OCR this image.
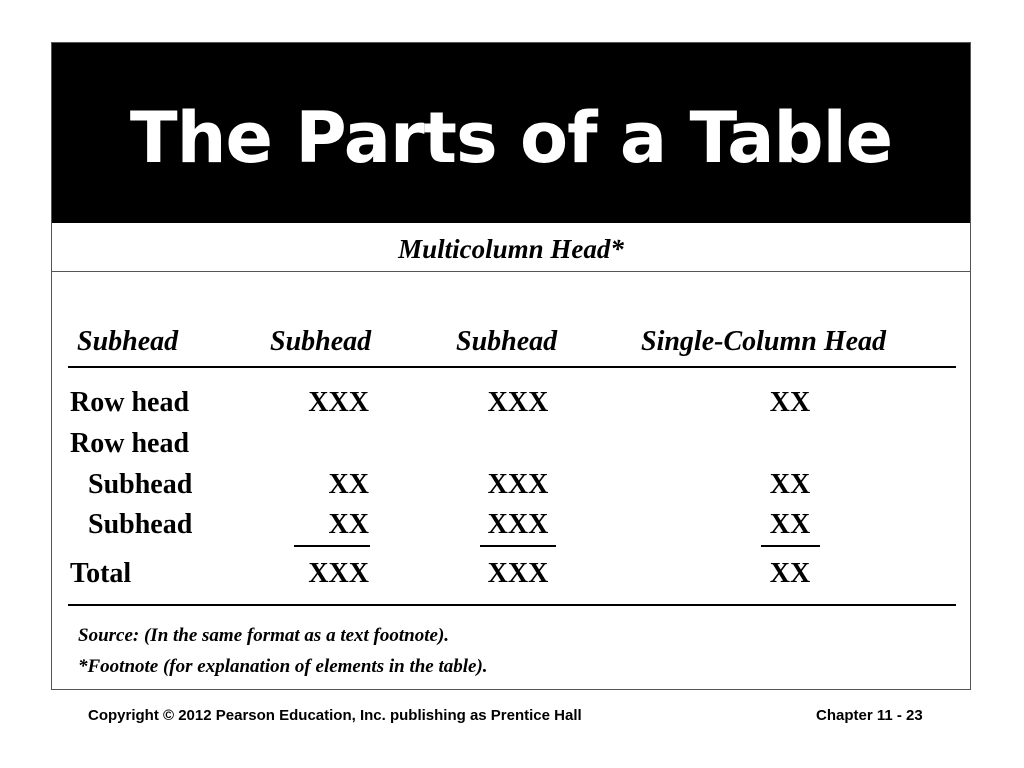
The Parts of a Table
Multicolumn Head*
Subhead	Subhead	Subhead	Single-Column Head
Row head	XXX	XXX	XX
Row head
Subhead	XX	XXX	XX
Subhead	XX	XXX	XX
Total	XXX	XXX	XX
Source: (In the same format as a text footnote).
*Footnote (for explanation of elements in the table).
Copyright © 2012 Pearson Education, Inc. publishing as Prentice Hall	Chapter 11 - 23
